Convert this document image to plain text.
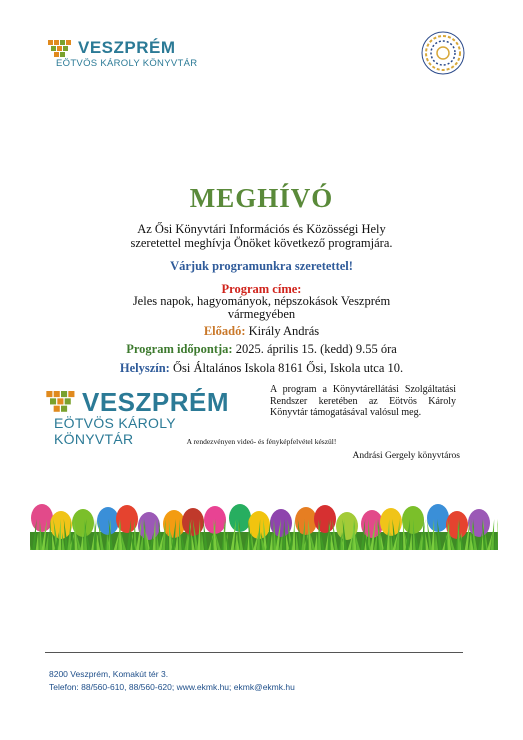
VESZPRÉM
EÖTVÖS KÁROLY KÖNYVTÁR
MEGHÍVÓ
Az Ősi Könyvtári Információs és Közösségi Hely
szeretettel meghívja Önöket következő programjára.
Várjuk programunkra szeretettel!
Program címe:
Jeles napok, hagyományok, népszokások Veszprém
vármegyében
Előadó: Király András
Program időpontja: 2025. április 15. (kedd) 9.55 óra
Helyszín: Ősi Általános Iskola 8161 Ősi, Iskola utca 10.
VESZPRÉM
EÖTVÖS KÁROLY KÖNYVTÁR
A program a Könyvtárellátási Szolgáltatási Rendszer keretében az Eötvös Károly Könyvtár támogatásával valósul meg.
A rendezvényen videó- és fényképfelvétel készül!
Andrási Gergely könyvtáros
8200 Veszprém, Komakút tér 3.
Telefon: 88/560-610, 88/560-620; www.ekmk.hu; ekmk@ekmk.hu
